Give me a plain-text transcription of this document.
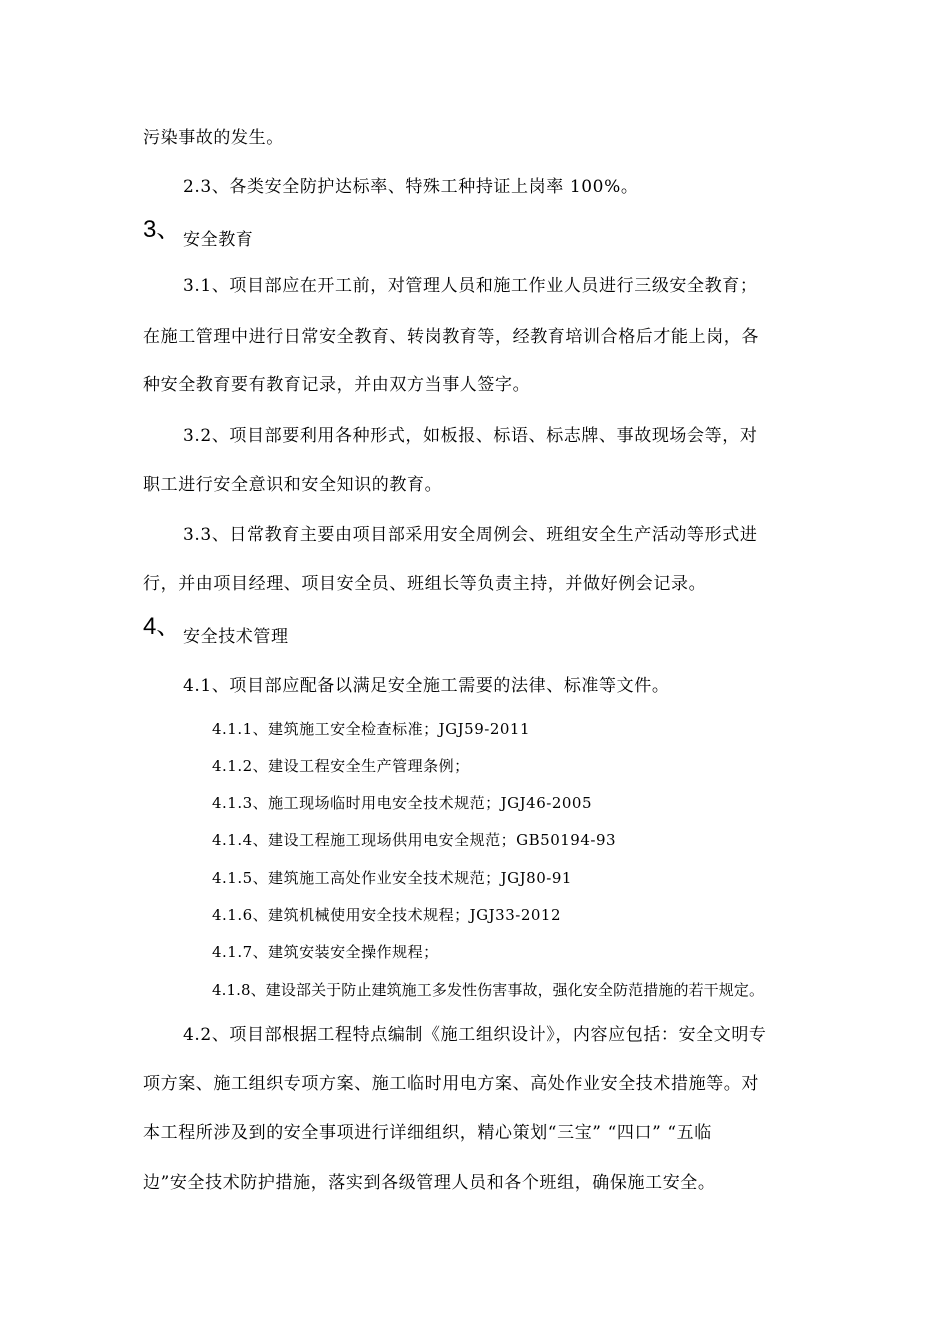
污染事故的发生。
2.3、各类安全防护达标率、特殊工种持证上岗率 100%。
3、 安全教育
3.1、项目部应在开工前，对管理人员和施工作业人员进行三级安全教育；
在施工管理中进行日常安全教育、转岗教育等，经教育培训合格后才能上岗，各
种安全教育要有教育记录，并由双方当事人签字。
3.2、项目部要利用各种形式，如板报、标语、标志牌、事故现场会等，对
职工进行安全意识和安全知识的教育。
3.3、日常教育主要由项目部采用安全周例会、班组安全生产活动等形式进
行，并由项目经理、项目安全员、班组长等负责主持，并做好例会记录。
4、 安全技术管理
4.1、项目部应配备以满足安全施工需要的法律、标准等文件。
4.1.1、建筑施工安全检查标准；JGJ59-2011
4.1.2、建设工程安全生产管理条例；
4.1.3、施工现场临时用电安全技术规范；JGJ46-2005
4.1.4、建设工程施工现场供用电安全规范；GB50194-93
4.1.5、建筑施工高处作业安全技术规范；JGJ80-91
4.1.6、建筑机械使用安全技术规程；JGJ33-2012
4.1.7、建筑安装安全操作规程；
4.1.8、建设部关于防止建筑施工多发性伤害事故，强化安全防范措施的若干规定。
4.2、项目部根据工程特点编制《施工组织设计》，内容应包括：安全文明专
项方案、施工组织专项方案、施工临时用电方案、高处作业安全技术措施等。对
本工程所涉及到的安全事项进行详细组织，精心策划“三宝” “四口” “五临
边”安全技术防护措施，落实到各级管理人员和各个班组，确保施工安全。
